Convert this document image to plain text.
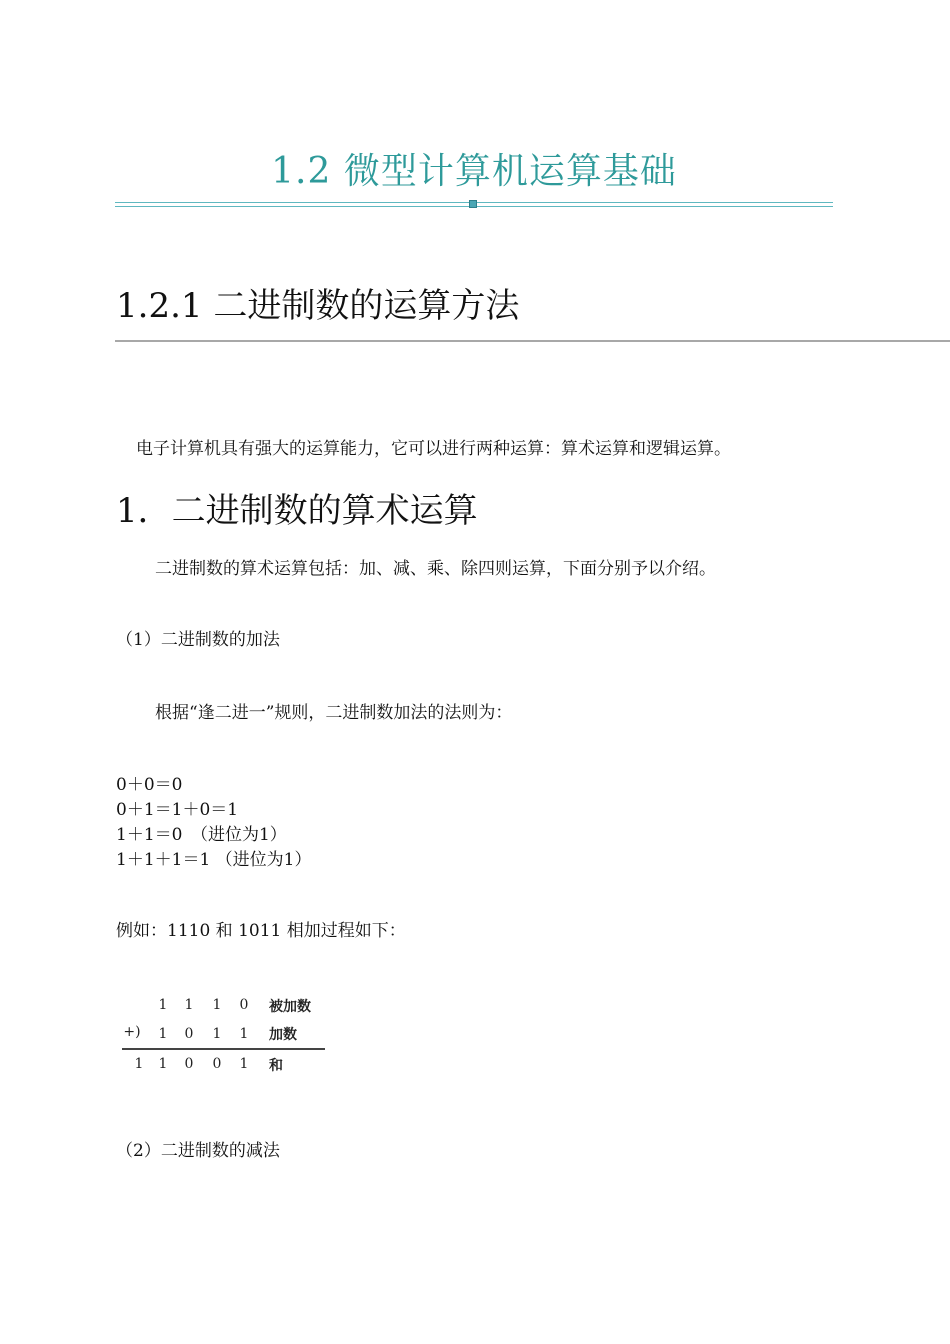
1.2 微型计算机运算基础
1.2.1 二进制数的运算方法
电子计算机具有强大的运算能力，它可以进行两种运算：算术运算和逻辑运算。
1．二进制数的算术运算
二进制数的算术运算包括：加、减、乘、除四则运算，下面分别予以介绍。
（1）二进制数的加法
根据“逢二进一”规则，二进制数加法的法则为：
0＋0＝0
0＋1＝1＋0＝1
1＋1＝0　（进位为1）
1＋1＋1＝1 （进位为1）
例如：1110 和 1011 相加过程如下：
1 1 1 0 被加数
+) 1 0 1 1 加数
1 1 0 0 1 和
（2）二进制数的减法
